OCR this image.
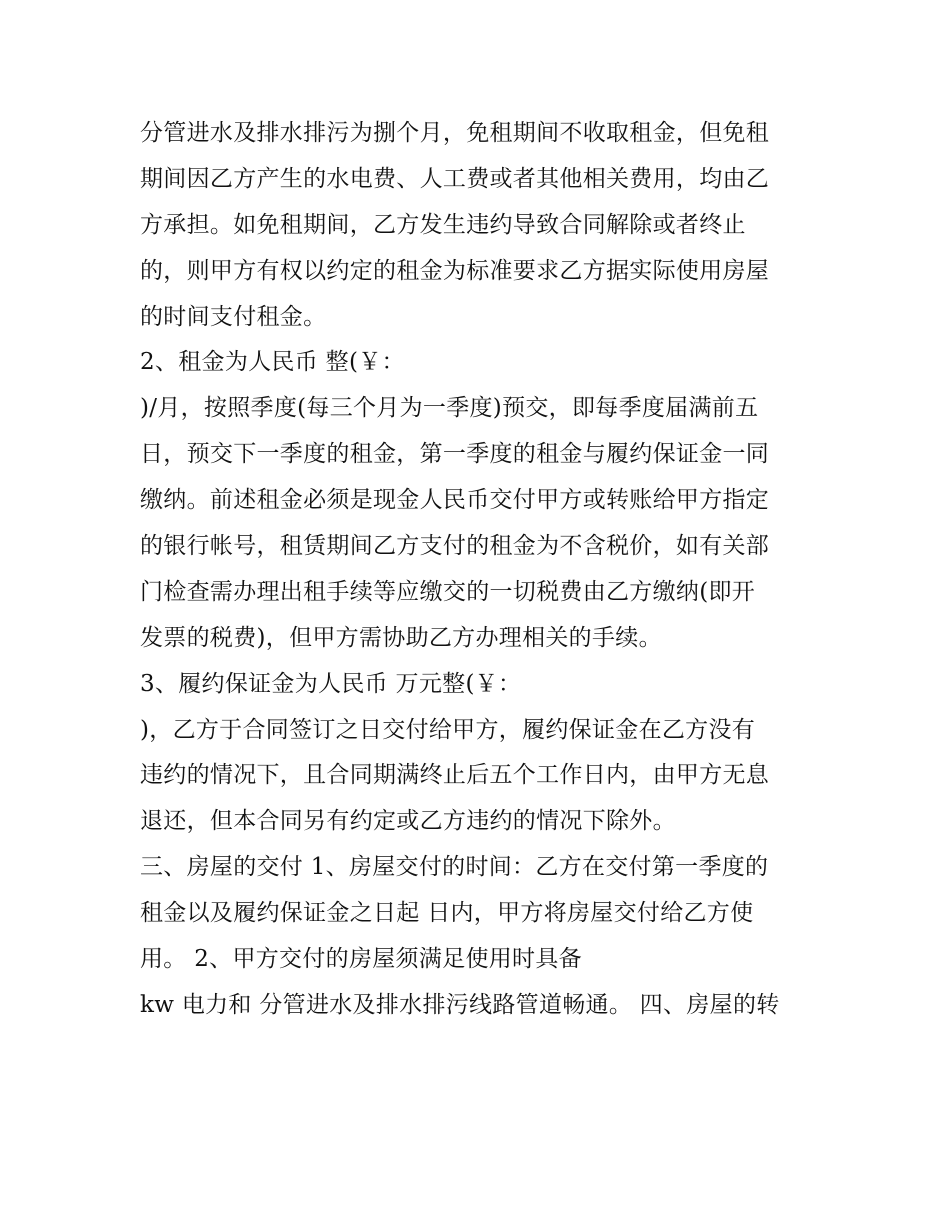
分管进水及排水排污为捌个月，免租期间不收取租金，但免租
期间因乙方产生的水电费、人工费或者其他相关费用，均由乙
方承担。如免租期间，乙方发生违约导致合同解除或者终止
的，则甲方有权以约定的租金为标准要求乙方据实际使用房屋
的时间支付租金。
2、租金为人民币 整(￥：
)/月，按照季度(每三个月为一季度)预交，即每季度届满前五
日，预交下一季度的租金，第一季度的租金与履约保证金一同
缴纳。前述租金必须是现金人民币交付甲方或转账给甲方指定
的银行帐号，租赁期间乙方支付的租金为不含税价，如有关部
门检查需办理出租手续等应缴交的一切税费由乙方缴纳(即开
发票的税费)，但甲方需协助乙方办理相关的手续。
3、履约保证金为人民币 万元整(￥：
)，乙方于合同签订之日交付给甲方，履约保证金在乙方没有
违约的情况下，且合同期满终止后五个工作日内，由甲方无息
退还，但本合同另有约定或乙方违约的情况下除外。
三、房屋的交付 1、房屋交付的时间：乙方在交付第一季度的
租金以及履约保证金之日起 日内，甲方将房屋交付给乙方使
用。 2、甲方交付的房屋须满足使用时具备
kw 电力和 分管进水及排水排污线路管道畅通。 四、房屋的转
